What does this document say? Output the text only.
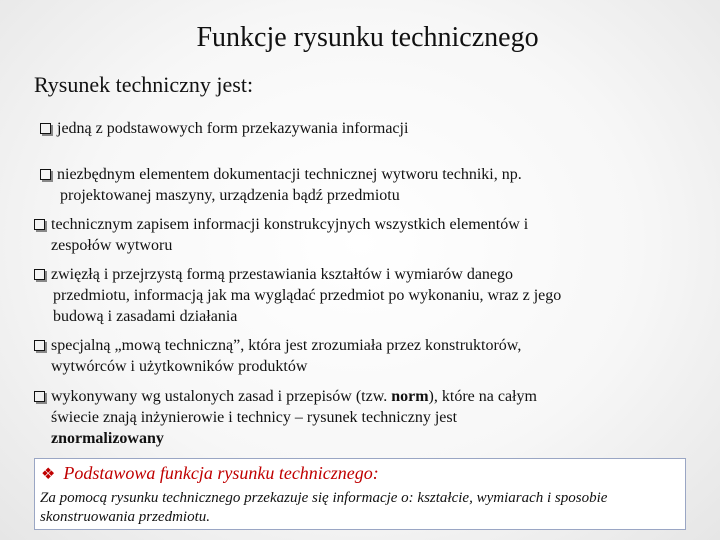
Funkcje rysunku technicznego
Rysunek techniczny jest:
jedną z podstawowych form przekazywania informacji
niezbędnym elementem dokumentacji technicznej wytworu techniki, np.
projektowanej maszyny, urządzenia bądź przedmiotu
technicznym zapisem informacji konstrukcyjnych wszystkich elementów i
zespołów wytworu
zwięzłą i przejrzystą formą przestawiania kształtów i wymiarów danego
przedmiotu, informacją jak ma wyglądać przedmiot po wykonaniu, wraz z jego
budową i zasadami działania
specjalną „mową techniczną”, która jest zrozumiała przez konstruktorów,
wytwórców i użytkowników produktów
wykonywany wg ustalonych zasad i przepisów (tzw. norm), które na całym
świecie znają inżynierowie i technicy – rysunek techniczny jest
znormalizowany
❖ Podstawowa funkcja rysunku technicznego:
Za pomocą rysunku technicznego przekazuje się informacje o: kształcie, wymiarach i sposobie skonstruowania przedmiotu.
